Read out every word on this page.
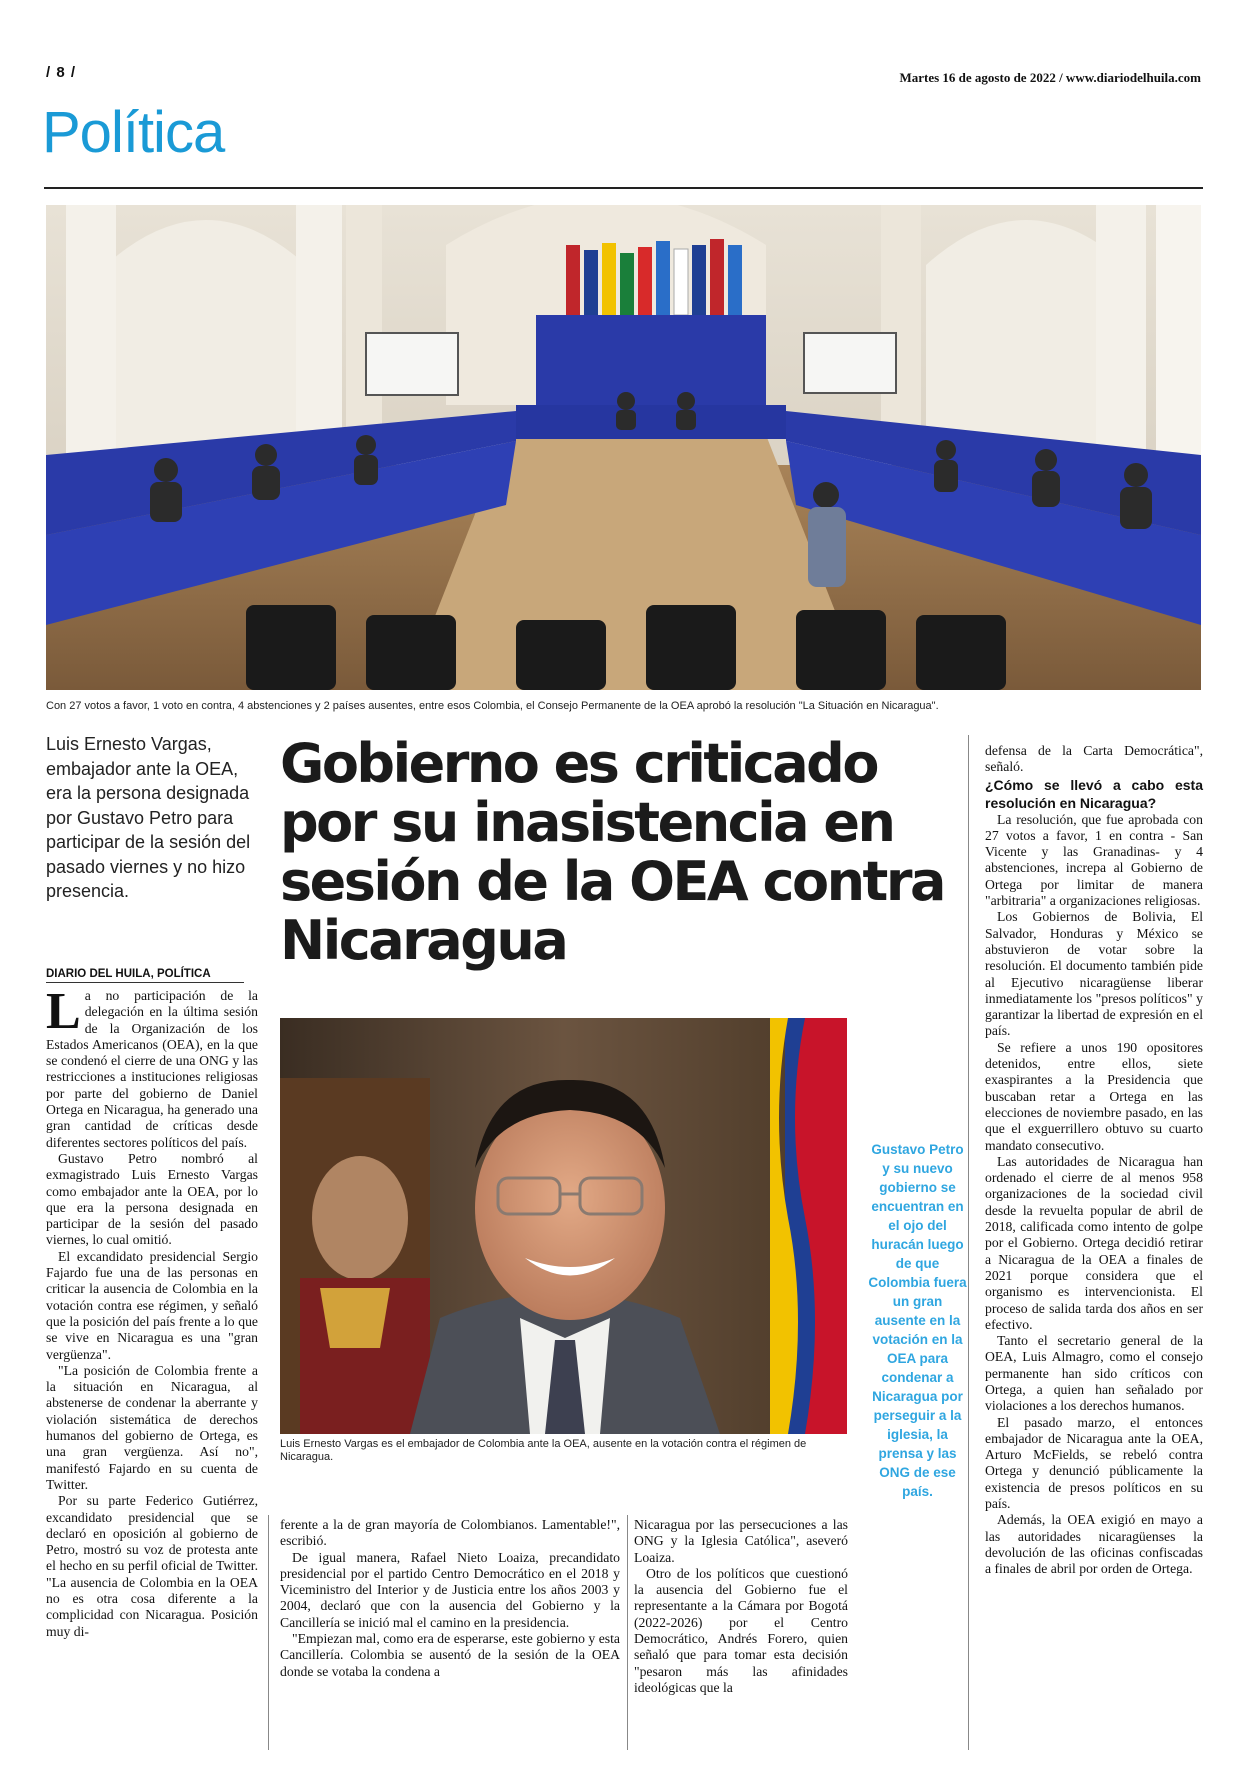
/ 8 /	Martes 16 de agosto de 2022 / www.diariodelhuila.com
Política
Con 27 votos a favor, 1 voto en contra, 4 abstenciones y 2 países ausentes, entre esos Colombia, el Consejo Permanente de la OEA aprobó la resolución "La Situación en Nicaragua".
Luis Ernesto Vargas, embajador ante la OEA, era la persona designada por Gustavo Petro para participar de la sesión del pasado viernes y no hizo presencia.
Gobierno es criticado por su inasistencia en sesión de la OEA contra Nicaragua
DIARIO DEL HUILA, POLÍTICA

La no participación de la delegación en la última sesión de la Organización de los Estados Americanos (OEA), en la que se condenó el cierre de una ONG y las restricciones a instituciones religiosas por parte del gobierno de Daniel Ortega en Nicaragua, ha generado una gran cantidad de críticas desde diferentes sectores políticos del país.

Gustavo Petro nombró al exmagistrado Luis Ernesto Vargas como embajador ante la OEA, por lo que era la persona designada en participar de la sesión del pasado viernes, lo cual omitió.

El excandidato presidencial Sergio Fajardo fue una de las personas en criticar la ausencia de Colombia en la votación contra ese régimen, y señaló que la posición del país frente a lo que se vive en Nicaragua es una "gran vergüenza".

"La posición de Colombia frente a la situación en Nicaragua, al abstenerse de condenar la aberrante y violación sistemática de derechos humanos del gobierno de Ortega, es una gran vergüenza. Así no", manifestó Fajardo en su cuenta de Twitter.

Por su parte Federico Gutiérrez, excandidato presidencial que se declaró en oposición al gobierno de Petro, mostró su voz de protesta ante el hecho en su perfil oficial de Twitter. "La ausencia de Colombia en la OEA no es otra cosa diferente a la complicidad con Nicaragua. Posición muy di-

Luis Ernesto Vargas es el embajador de Colombia ante la OEA, ausente en la votación contra el régimen de Nicaragua.
Gustavo Petro y su nuevo gobierno se encuentran en el ojo del huracán luego de que Colombia fuera un gran ausente en la votación en la OEA para condenar a Nicaragua por perseguir a la iglesia, la prensa y las ONG de ese país.

ferente a la de gran mayoría de Colombianos. Lamentable!", escribió.

De igual manera, Rafael Nieto Loaiza, precandidato presidencial por el partido Centro Democrático en el 2018 y Viceministro del Interior y de Justicia entre los años 2003 y 2004, declaró que con la ausencia del Gobierno y la Cancillería se inició mal el camino en la presidencia.

"Empiezan mal, como era de esperarse, este gobierno y esta Cancillería. Colombia se ausentó de la sesión de la OEA donde se votaba la condena a

Nicaragua por las persecuciones a las ONG y la Iglesia Católica", aseveró Loaiza.

Otro de los políticos que cuestionó la ausencia del Gobierno fue el representante a la Cámara por Bogotá (2022-2026) por el Centro Democrático, Andrés Forero, quien señaló que para tomar esta decisión "pesaron más las afinidades ideológicas que la

defensa de la Carta Democrática", señaló.

¿Cómo se llevó a cabo esta resolución en Nicaragua?

La resolución, que fue aprobada con 27 votos a favor, 1 en contra - San Vicente y las Granadinas- y 4 abstenciones, increpa al Gobierno de Ortega por limitar de manera "arbitraria" a organizaciones religiosas.

Los Gobiernos de Bolivia, El Salvador, Honduras y México se abstuvieron de votar sobre la resolución. El documento también pide al Ejecutivo nicaragüense liberar inmediatamente los "presos políticos" y garantizar la libertad de expresión en el país.

Se refiere a unos 190 opositores detenidos, entre ellos, siete exaspirantes a la Presidencia que buscaban retar a Ortega en las elecciones de noviembre pasado, en las que el exguerrillero obtuvo su cuarto mandato consecutivo.

Las autoridades de Nicaragua han ordenado el cierre de al menos 958 organizaciones de la sociedad civil desde la revuelta popular de abril de 2018, calificada como intento de golpe por el Gobierno. Ortega decidió retirar a Nicaragua de la OEA a finales de 2021 porque considera que el organismo es intervencionista. El proceso de salida tarda dos años en ser efectivo.

Tanto el secretario general de la OEA, Luis Almagro, como el consejo permanente han sido críticos con Ortega, a quien han señalado por violaciones a los derechos humanos.

El pasado marzo, el entonces embajador de Nicaragua ante la OEA, Arturo McFields, se rebeló contra Ortega y denunció públicamente la existencia de presos políticos en su país.

Además, la OEA exigió en mayo a las autoridades nicaragüenses la devolución de las oficinas confiscadas a finales de abril por orden de Ortega.
